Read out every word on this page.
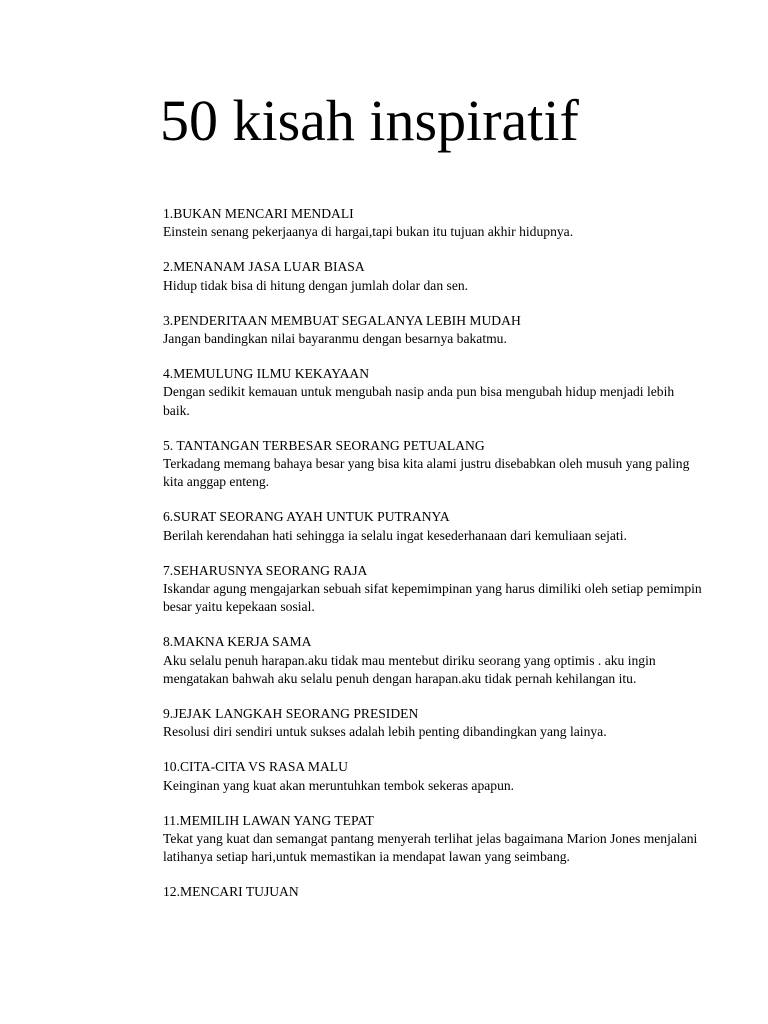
50 kisah inspiratif
1.BUKAN MENCARI MENDALI
Einstein senang pekerjaanya di hargai,tapi bukan itu tujuan akhir hidupnya.
2.MENANAM JASA LUAR BIASA
Hidup tidak bisa di hitung dengan jumlah dolar dan sen.
3.PENDERITAAN MEMBUAT SEGALANYA LEBIH MUDAH
Jangan bandingkan nilai bayaranmu dengan besarnya bakatmu.
4.MEMULUNG ILMU KEKAYAAN
Dengan sedikit kemauan untuk mengubah nasip anda pun bisa mengubah hidup menjadi lebih baik.
5. TANTANGAN TERBESAR SEORANG PETUALANG
Terkadang memang bahaya besar yang bisa kita alami justru disebabkan oleh musuh yang paling kita anggap enteng.
6.SURAT SEORANG AYAH UNTUK PUTRANYA
Berilah kerendahan hati sehingga ia selalu ingat kesederhanaan dari kemuliaan sejati.
7.SEHARUSNYA SEORANG RAJA
Iskandar agung mengajarkan sebuah sifat kepemimpinan yang harus dimiliki oleh setiap pemimpin besar yaitu kepekaan sosial.
8.MAKNA KERJA SAMA
Aku selalu penuh harapan.aku tidak mau mentebut diriku seorang yang optimis . aku ingin mengatakan bahwah aku selalu penuh dengan harapan.aku tidak pernah kehilangan itu.
9.JEJAK LANGKAH SEORANG PRESIDEN
Resolusi diri sendiri untuk sukses adalah lebih penting dibandingkan yang lainya.
10.CITA-CITA VS RASA MALU
Keinginan yang kuat akan meruntuhkan tembok sekeras apapun.
11.MEMILIH LAWAN YANG TEPAT
Tekat yang kuat dan semangat pantang menyerah terlihat jelas bagaimana Marion Jones menjalani latihanya setiap hari,untuk memastikan ia mendapat lawan yang seimbang.
12.MENCARI TUJUAN
